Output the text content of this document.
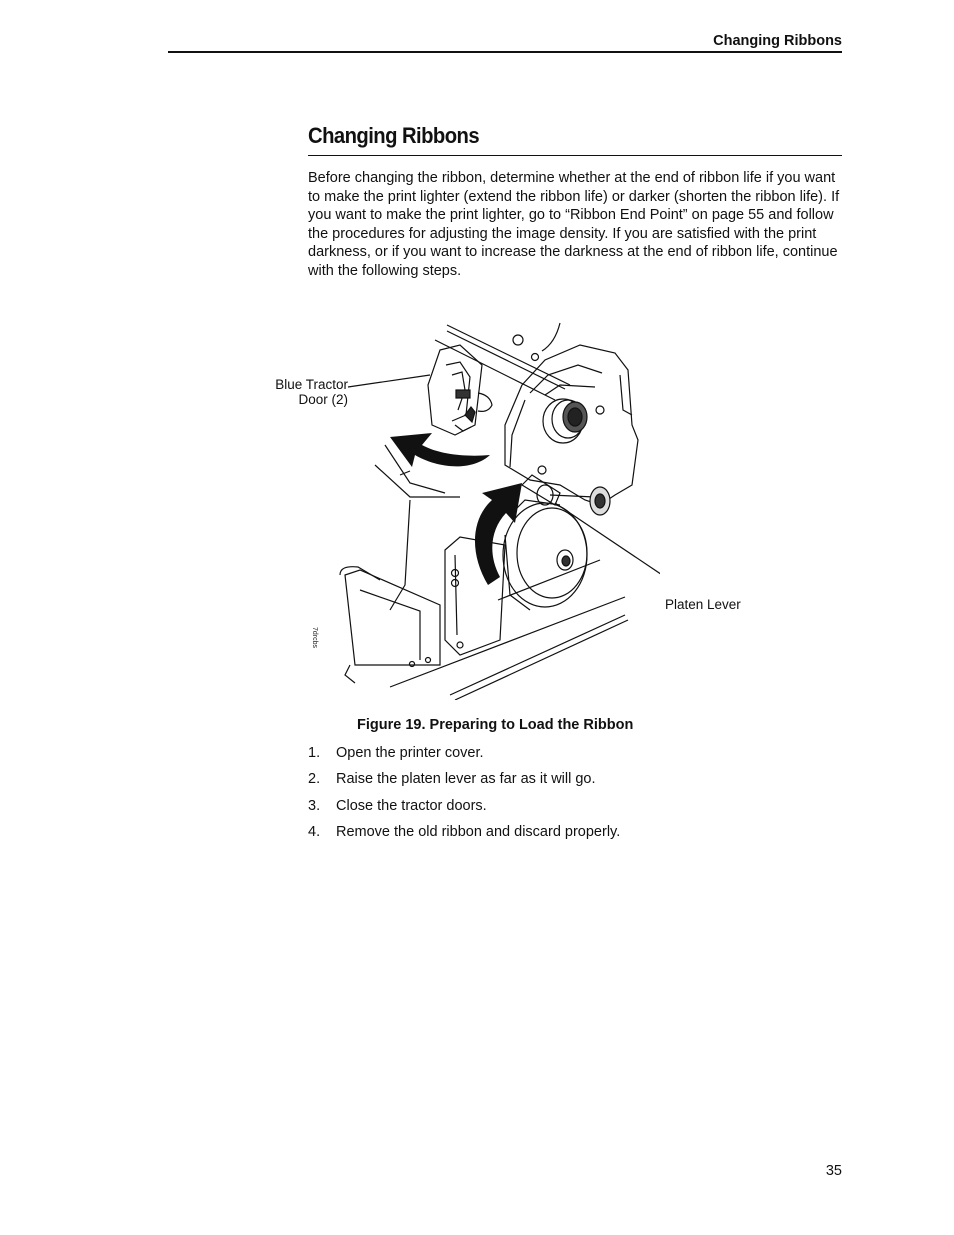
Changing Ribbons
Changing Ribbons

Before changing the ribbon, determine whether at the end of ribbon life if you want to make the print lighter (extend the ribbon life) or darker (shorten the ribbon life). If you want to make the print lighter, go to “Ribbon End Point” on page 55 and follow the procedures for adjusting the image density. If you are satisfied with the print darkness, or if you want to increase the darkness at the end of ribbon life, continue with the following steps.

Blue Tractor
Door (2)
Platen Lever
7drcbs
Figure 19. Preparing to Load the Ribbon
1.	Open the printer cover.
2.	Raise the platen lever as far as it will go.
3.	Close the tractor doors.
4.	Remove the old ribbon and discard properly.
35
